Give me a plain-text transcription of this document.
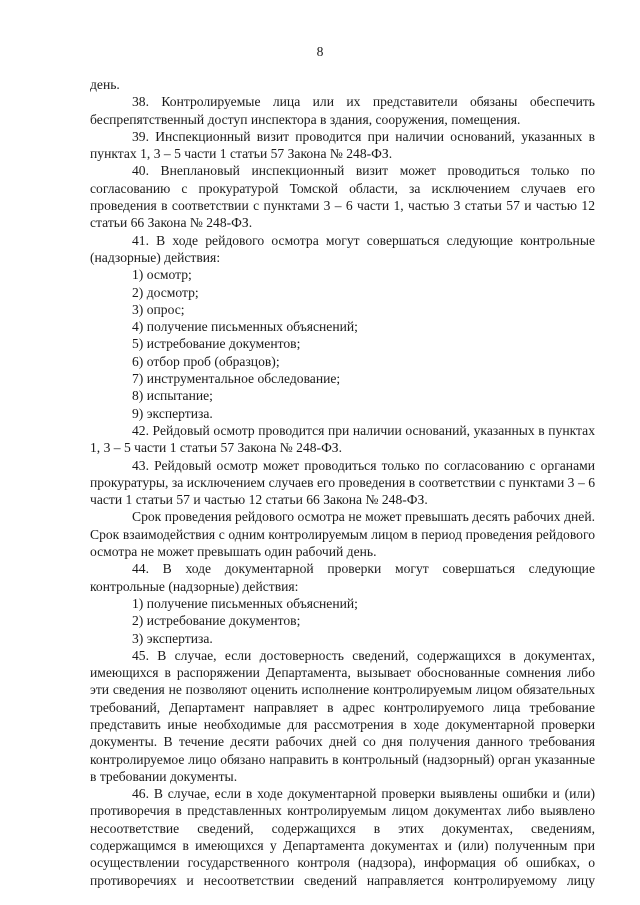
8

день.

38. Контролируемые лица или их представители обязаны обеспечить беспрепятственный доступ инспектора в здания, сооружения, помещения.

39. Инспекционный визит проводится при наличии оснований, указанных в пунктах 1, 3 – 5 части 1 статьи 57 Закона № 248-ФЗ.

40. Внеплановый инспекционный визит может проводиться только по согласованию с прокуратурой Томской области, за исключением случаев его проведения в соответствии с пунктами 3 – 6 части 1, частью 3 статьи 57 и частью 12 статьи 66 Закона № 248-ФЗ.

41. В ходе рейдового осмотра могут совершаться следующие контрольные (надзорные) действия:

1) осмотр;

2) досмотр;

3) опрос;

4) получение письменных объяснений;

5) истребование документов;

6) отбор проб (образцов);

7) инструментальное обследование;

8) испытание;

9) экспертиза.

42. Рейдовый осмотр проводится при наличии оснований, указанных в пунктах 1, 3 – 5 части 1 статьи 57 Закона № 248-ФЗ.

43. Рейдовый осмотр может проводиться только по согласованию с органами прокуратуры, за исключением случаев его проведения в соответствии с пунктами 3 – 6 части 1 статьи 57 и частью 12 статьи 66 Закона № 248-ФЗ.

Срок проведения рейдового осмотра не может превышать десять рабочих дней. Срок взаимодействия с одним контролируемым лицом в период проведения рейдового осмотра не может превышать один рабочий день.

44. В ходе документарной проверки могут совершаться следующие контрольные (надзорные) действия:

1) получение письменных объяснений;

2) истребование документов;

3) экспертиза.

45. В случае, если достоверность сведений, содержащихся в документах, имеющихся в распоряжении Департамента, вызывает обоснованные сомнения либо эти сведения не позволяют оценить исполнение контролируемым лицом обязательных требований, Департамент направляет в адрес контролируемого лица требование представить иные необходимые для рассмотрения в ходе документарной проверки документы. В течение десяти рабочих дней со дня получения данного требования контролируемое лицо обязано направить в контрольный (надзорный) орган указанные в требовании документы.

46. В случае, если в ходе документарной проверки выявлены ошибки и (или) противоречия в представленных контролируемым лицом документах либо выявлено несоответствие сведений, содержащихся в этих документах, сведениям, содержащимся в имеющихся у Департамента документах и (или) полученным при осуществлении государственного контроля (надзора), информация об ошибках, о противоречиях и несоответствии сведений направляется контролируемому лицу
